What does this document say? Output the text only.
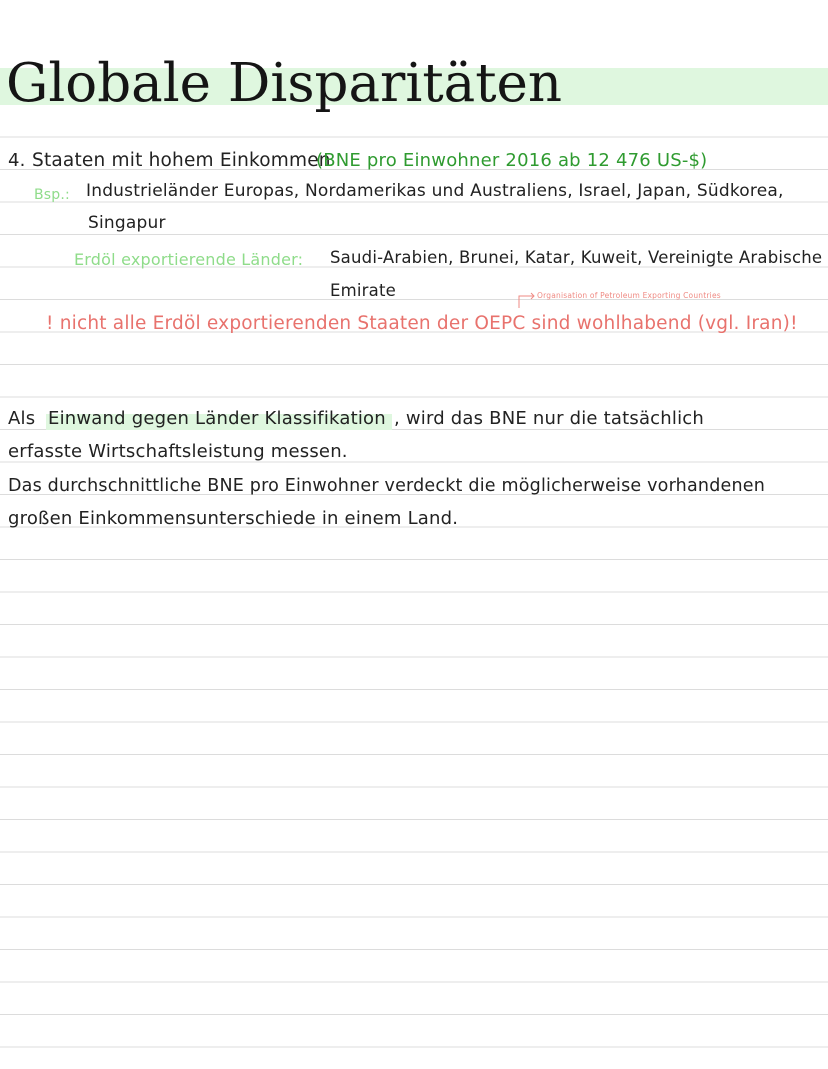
Globale Disparitäten
4. Staaten mit hohem Einkommen
(BNE pro Einwohner 2016 ab 12 476 US-$)
Bsp.: Industrieländer Europas, Nordamerikas und Australiens, Israel, Japan, Südkorea,
Singapur
Erdöl exportierende Länder: Saudi-Arabien, Brunei, Katar, Kuweit, Vereinigte Arabische
Emirate	Organisation of Petroleum Exporting Countries
! nicht alle Erdöl exportierenden Staaten der OEPC sind wohlhabend (vgl. Iran)!
Als Einwand gegen Länder Klassifikation , wird das BNE nur die tatsächlich
erfasste Wirtschaftsleistung messen.
Das durchschnittliche BNE pro Einwohner verdeckt die möglicherweise vorhandenen
großen Einkommensunterschiede in einem Land.
